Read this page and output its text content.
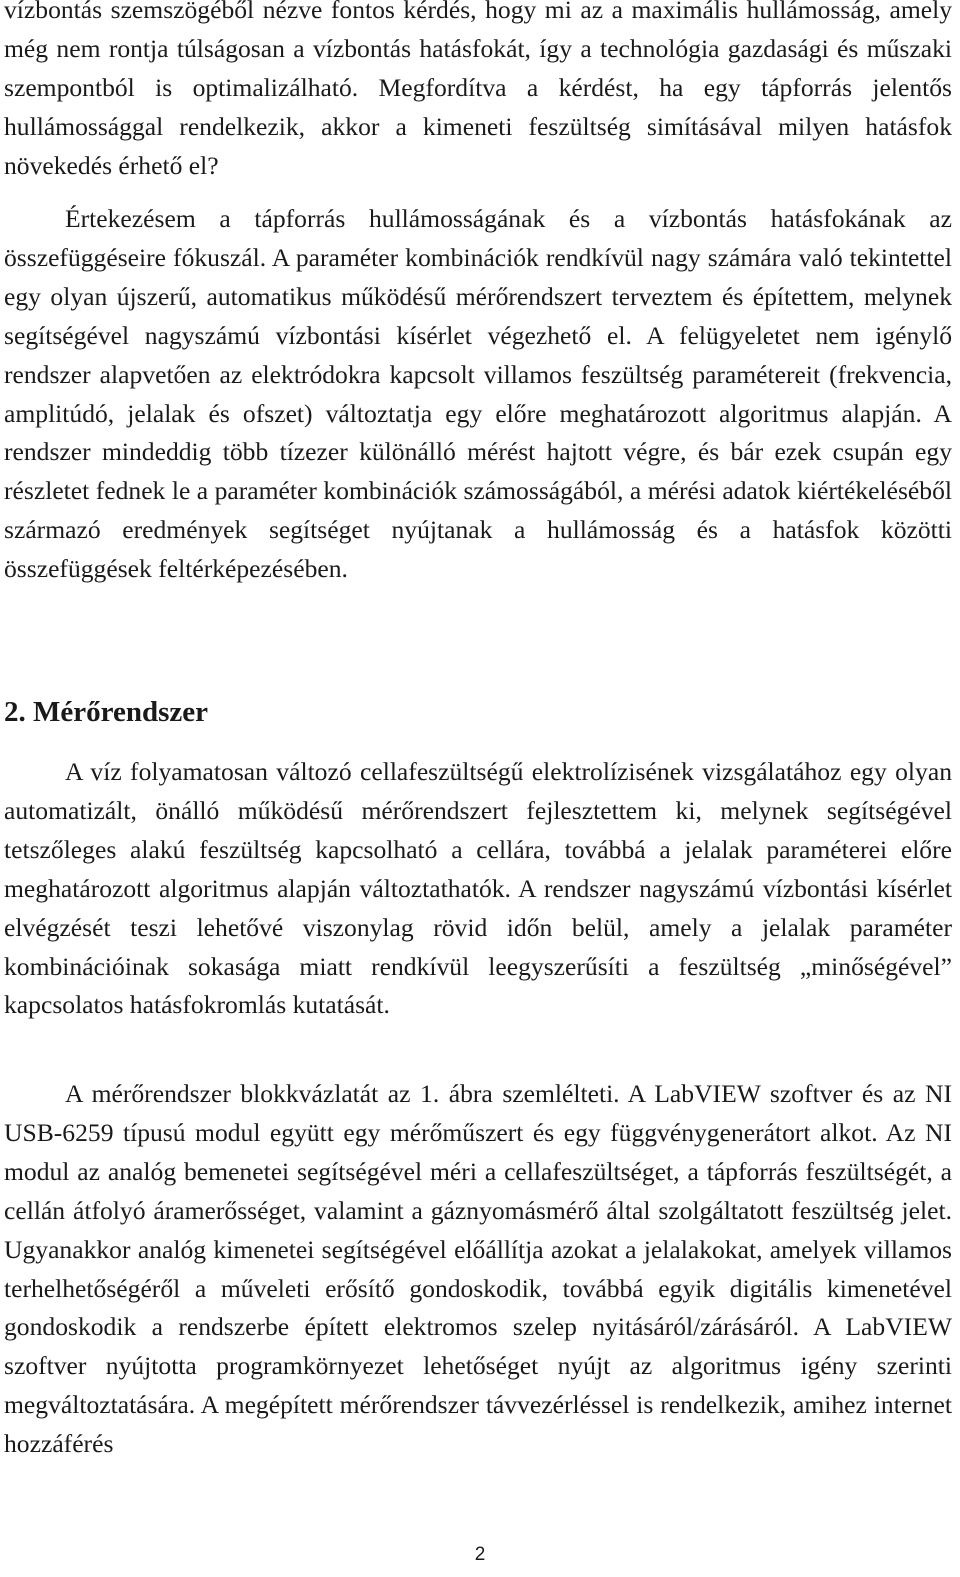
vízbontás szemszögéből nézve fontos kérdés, hogy mi az a maximális hullámosság, amely még nem rontja túlságosan a vízbontás hatásfokát, így a technológia gazdasági és műszaki szempontból is optimalizálható. Megfordítva a kérdést, ha egy tápforrás jelentős hullámossággal rendelkezik, akkor a kimeneti feszültség simításával milyen hatásfok növekedés érhető el?

Értekezésem a tápforrás hullámosságának és a vízbontás hatásfokának az összefüggéseire fókuszál. A paraméter kombinációk rendkívül nagy számára való tekintettel egy olyan újszerű, automatikus működésű mérőrendszert terveztem és építettem, melynek segítségével nagyszámú vízbontási kísérlet végezhető el. A felügyeletet nem igénylő rendszer alapvetően az elektródokra kapcsolt villamos feszültség paramétereit (frekvencia, amplitúdó, jelalak és ofszet) változtatja egy előre meghatározott algoritmus alapján. A rendszer mindeddig több tízezer különálló mérést hajtott végre, és bár ezek csupán egy részletet fednek le a paraméter kombinációk számosságából, a mérési adatok kiértékeléséből származó eredmények segítséget nyújtanak a hullámosság és a hatásfok közötti összefüggések feltérképezésében.

2. Mérőrendszer

A víz folyamatosan változó cellafeszültségű elektrolízisének vizsgálatához egy olyan automatizált, önálló működésű mérőrendszert fejlesztettem ki, melynek segítségével tetszőleges alakú feszültség kapcsolható a cellára, továbbá a jelalak paraméterei előre meghatározott algoritmus alapján változtathatók. A rendszer nagyszámú vízbontási kísérlet elvégzését teszi lehetővé viszonylag rövid időn belül, amely a jelalak paraméter kombinációinak sokasága miatt rendkívül leegyszerűsíti a feszültség „minőségével” kapcsolatos hatásfokromlás kutatását.

A mérőrendszer blokkvázlatát az 1. ábra szemlélteti. A LabVIEW szoftver és az NI USB-6259 típusú modul együtt egy mérőműszert és egy függvénygenerátort alkot. Az NI modul az analóg bemenetei segítségével méri a cellafeszültséget, a tápforrás feszültségét, a cellán átfolyó áramerősséget, valamint a gáznyomásmérő által szolgáltatott feszültség jelet. Ugyanakkor analóg kimenetei segítségével előállítja azokat a jelalakokat, amelyek villamos terhelhetőségéről a műveleti erősítő gondoskodik, továbbá egyik digitális kimenetével gondoskodik a rendszerbe épített elektromos szelep nyitásáról/zárásáról. A LabVIEW szoftver nyújtotta programkörnyezet lehetőséget nyújt az algoritmus igény szerinti megváltoztatására. A megépített mérőrendszer távvezérléssel is rendelkezik, amihez internet hozzáférés

2
